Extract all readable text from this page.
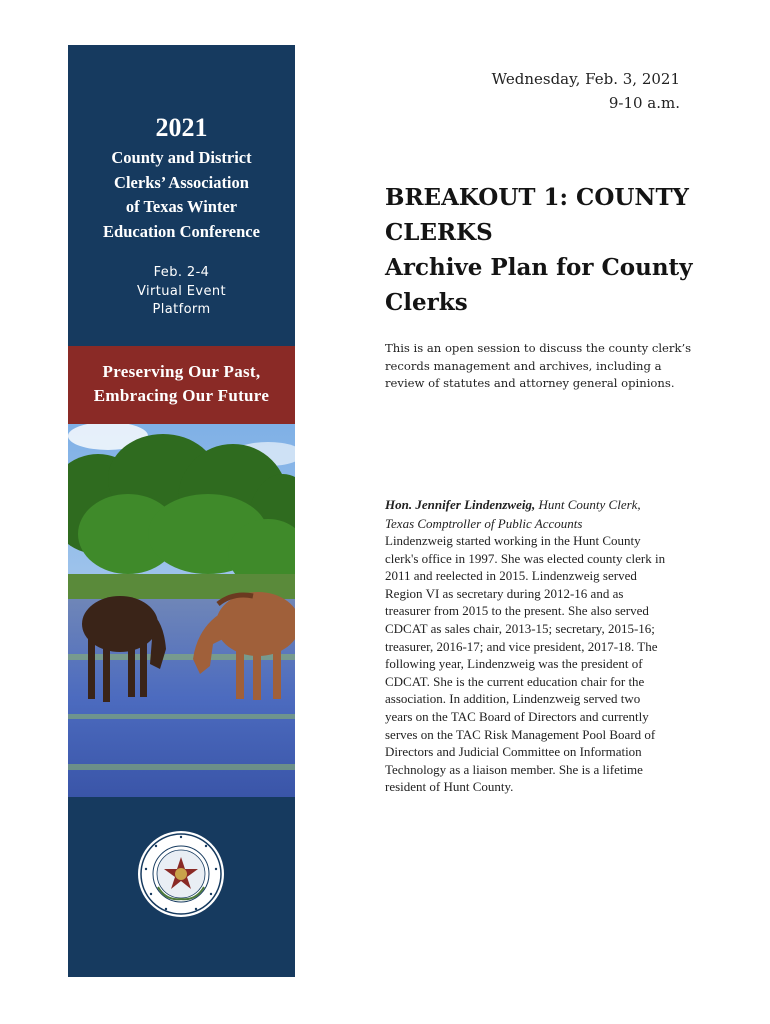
2021
County and District
Clerks’ Association
of Texas Winter
Education Conference
Feb. 2-4
Virtual Event
Platform
Preserving Our Past,
Embracing Our Future
Wednesday, Feb. 3, 2021
9-10 a.m.
BREAKOUT 1: COUNTY
CLERKS
Archive Plan for County
Clerks
This is an open session to discuss the county clerk’s
records management and archives, including a
review of statutes and attorney general opinions.
Hon. Jennifer Lindenzweig, Hunt County Clerk,
Texas Comptroller of Public Accounts
Lindenzweig started working in the Hunt County
clerk's office in 1997. She was elected county clerk in
2011 and reelected in 2015. Lindenzweig served
Region VI as secretary during 2012-16 and as
treasurer from 2015 to the present. She also served
CDCAT as sales chair, 2013-15; secretary, 2015-16;
treasurer, 2016-17; and vice president, 2017-18. The
following year, Lindenzweig was the president of
CDCAT. She is the current education chair for the
association. In addition, Lindenzweig served two
years on the TAC Board of Directors and currently
serves on the TAC Risk Management Pool Board of
Directors and Judicial Committee on Information
Technology as a liaison member. She is a lifetime
resident of Hunt County.
